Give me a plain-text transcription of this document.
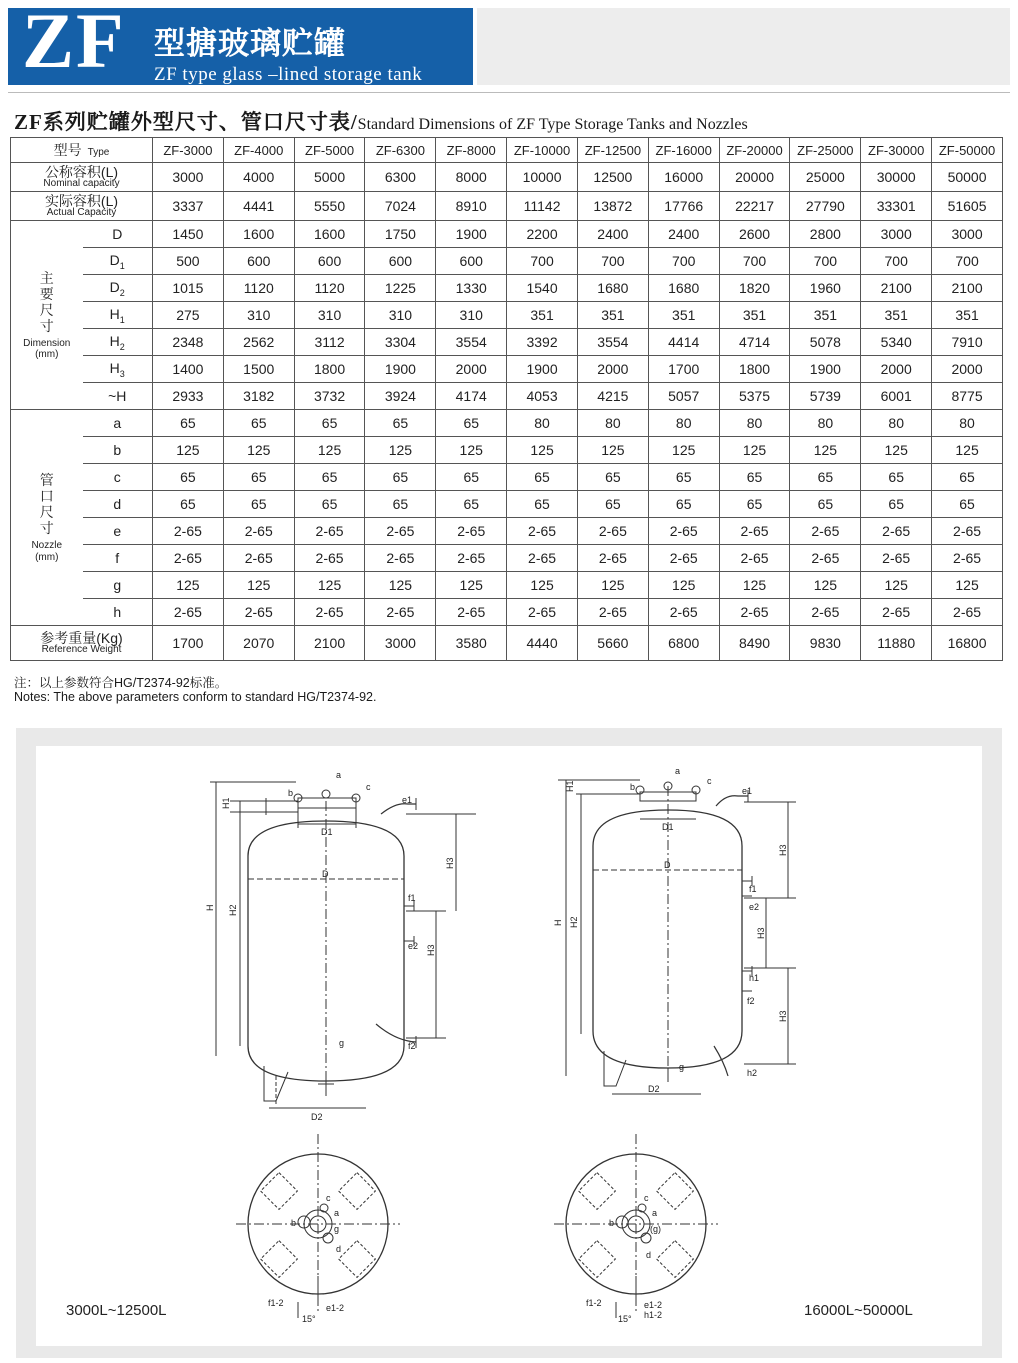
ZF 型搪玻璃贮罐
ZF type glass –lined storage tank
ZF系列贮罐外型尺寸、管口尺寸表/Standard Dimensions of ZF Type Storage Tanks and Nozzles
型号 Type		ZF-3000	ZF-4000	ZF-5000	ZF-6300	ZF-8000	ZF-10000	ZF-12500	ZF-16000	ZF-20000	ZF-25000	ZF-30000	ZF-50000

公称容积(L)
Nominal capacity		3000	4000	5000	6300	8000	10000	12500	16000	20000	25000	30000	50000

实际容积(L)
Actual Capacity		3337	4441	5550	7024	8910	11142	13872	17766	22217	27790	33301	51605

主要尺寸
Dimension
(mm)	D	1450	1600	1600	1750	1900	2200	2400	2400	2600	2800	3000	3000
	$D_1$	500	600	600	600	600	700	700	700	700	700	700	700
	$D_2$	1015	1120	1120	1225	1330	1540	1680	1680	1820	1960	2100	2100
	$H_1$	275	310	310	310	310	351	351	351	351	351	351	351
	$H_2$	2348	2562	3112	3304	3554	3392	3554	4414	4714	5078	5340	7910
	$H_3$	1400	1500	1800	1900	2000	1900	2000	1700	1800	1900	2000	2000
	~H	2933	3182	3732	3924	4174	4053	4215	5057	5375	5739	6001	8775

管口尺寸
Nozzle
(mm)	a	65	65	65	65	65	80	80	80	80	80	80	80
	b	125	125	125	125	125	125	125	125	125	125	125	125
	c	65	65	65	65	65	65	65	65	65	65	65	65
	d	65	65	65	65	65	65	65	65	65	65	65	65
	e	2-65	2-65	2-65	2-65	2-65	2-65	2-65	2-65	2-65	2-65	2-65	2-65
	f	2-65	2-65	2-65	2-65	2-65	2-65	2-65	2-65	2-65	2-65	2-65	2-65
	g	125	125	125	125	125	125	125	125	125	125	125	125
	h	2-65	2-65	2-65	2-65	2-65	2-65	2-65	2-65	2-65	2-65	2-65	2-65

参考重量(Kg)
Reference Weight		1700	2070	2100	3000	3580	4440	5660	6800	8490	9830	11880	16800
注：以上参数符合HG/T2374-92标准。
Notes: The above parameters conform to standard HG/T2374-92.
H1
a
b
c
e1
D1
D
H H2
H3
H3
f1
e2
f2
g
D2
H1
a
b
c
e1
D1
D
H H2
H3
H3
H3
f1
e2
h1
f2
g
h2
D2
c
b
a
g
d
f1-2	e1-2
15°
c
b
a
(g)
d
f1-2	e1-2
h1-2
15°
3000L~12500L	16000L~50000L
